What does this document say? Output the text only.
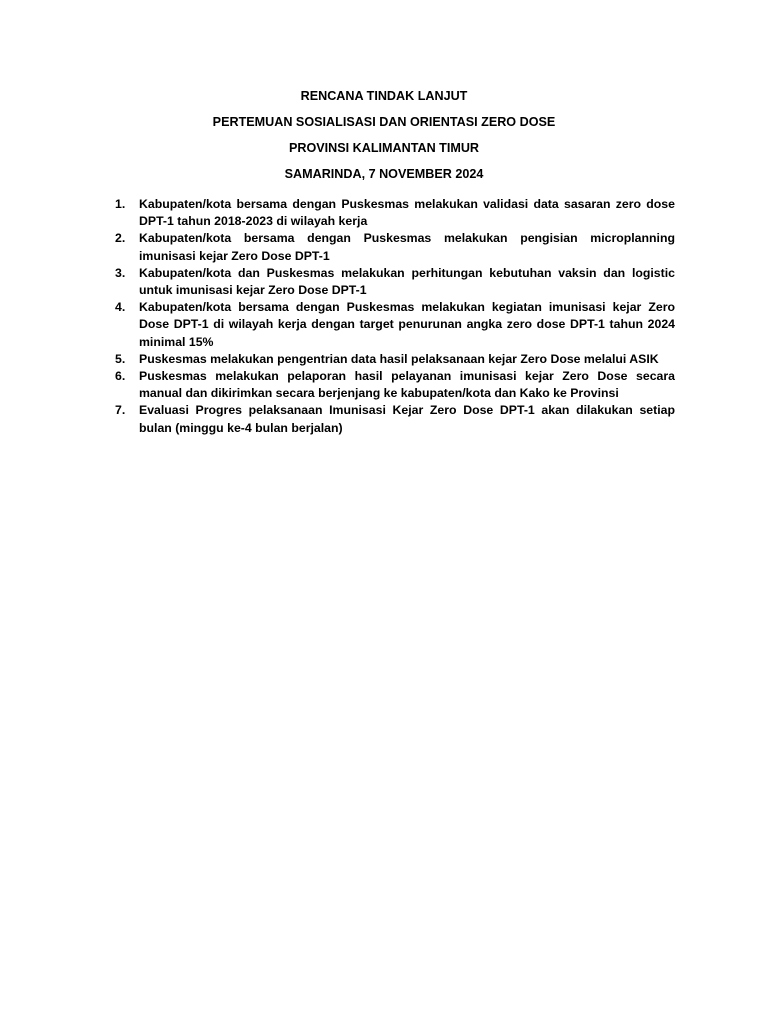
RENCANA TINDAK LANJUT
PERTEMUAN SOSIALISASI DAN ORIENTASI ZERO DOSE
PROVINSI KALIMANTAN TIMUR
SAMARINDA, 7 NOVEMBER 2024
1.	Kabupaten/kota bersama dengan Puskesmas melakukan validasi data sasaran zero dose DPT-1 tahun 2018-2023 di wilayah kerja
2.	Kabupaten/kota bersama dengan Puskesmas melakukan pengisian microplanning imunisasi kejar Zero Dose DPT-1
3.	Kabupaten/kota dan Puskesmas melakukan perhitungan kebutuhan vaksin dan logistic untuk imunisasi kejar Zero Dose DPT-1
4.	Kabupaten/kota bersama dengan Puskesmas melakukan kegiatan imunisasi kejar Zero Dose DPT-1 di wilayah kerja dengan target penurunan angka zero dose DPT-1 tahun 2024 minimal 15%
5.	Puskesmas melakukan pengentrian data hasil pelaksanaan kejar Zero Dose melalui ASIK
6.	Puskesmas melakukan pelaporan hasil pelayanan imunisasi kejar Zero Dose secara manual dan dikirimkan secara berjenjang ke kabupaten/kota dan Kako ke Provinsi
7.	Evaluasi Progres pelaksanaan Imunisasi Kejar Zero Dose DPT-1 akan dilakukan setiap bulan (minggu ke-4 bulan berjalan)
